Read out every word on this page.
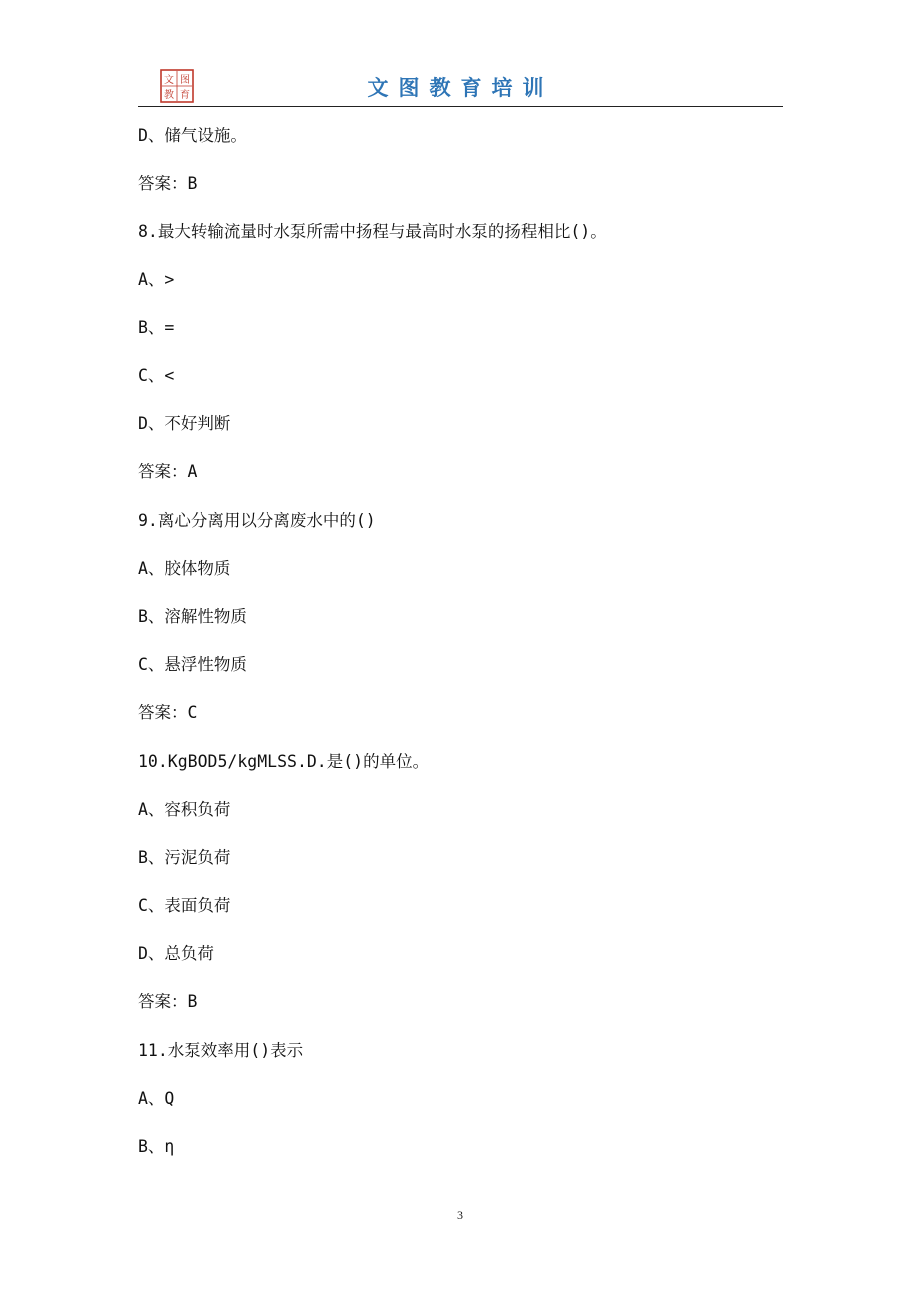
文 图
教 育	文图教育培训
D、储气设施。
答案：B
8.最大转输流量时水泵所需中扬程与最高时水泵的扬程相比()。
A、>
B、=
C、<
D、不好判断
答案：A
9.离心分离用以分离废水中的()
A、胶体物质
B、溶解性物质
C、悬浮性物质
答案：C
10.KgBOD5/kgMLSS.D.是()的单位。
A、容积负荷
B、污泥负荷
C、表面负荷
D、总负荷
答案：B
11.水泵效率用()表示
A、Q
B、η
3
